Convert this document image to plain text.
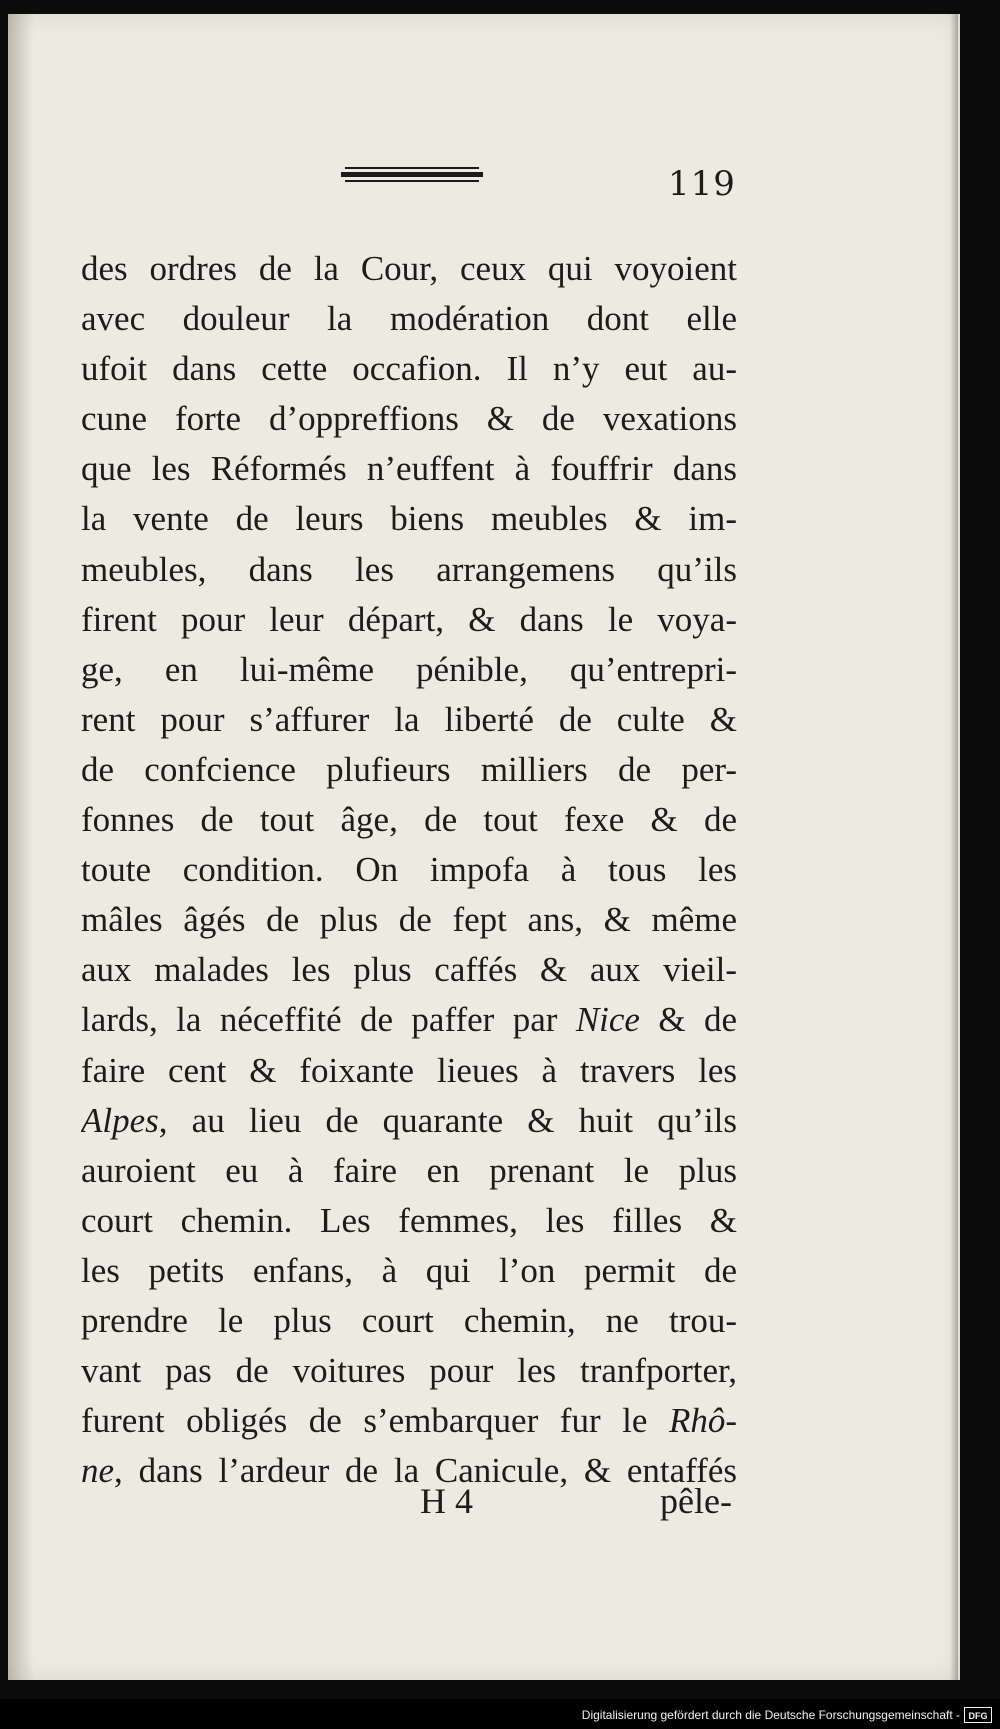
119
des ordres de la Cour, ceux qui voyoient
avec douleur la modération dont elle
ufoit dans cette occafion. Il n’y eut au-
cune forte d’oppreffions & de vexations
que les Réformés n’euffent à fouffrir dans
la vente de leurs biens meubles & im-
meubles, dans les arrangemens qu’ils
firent pour leur départ, & dans le voya-
ge, en lui-même pénible, qu’entrepri-
rent pour s’affurer la liberté de culte &
de confcience plufieurs milliers de per-
fonnes de tout âge, de tout fexe & de
toute condition. On impofa à tous les
mâles âgés de plus de fept ans, & même
aux malades les plus caffés & aux vieil-
lards, la néceffité de paffer par Nice & de
faire cent & foixante lieues à travers les
Alpes, au lieu de quarante & huit qu’ils
auroient eu à faire en prenant le plus
court chemin. Les femmes, les filles &
les petits enfans, à qui l’on permit de
prendre le plus court chemin, ne trou-
vant pas de voitures pour les tranfporter,
furent obligés de s’embarquer fur le Rhô-
ne, dans l’ardeur de la Canicule, & entaffés
H 4	pêle-
Digitalisierung gefördert durch die Deutsche Forschungsgemeinschaft - DFG
